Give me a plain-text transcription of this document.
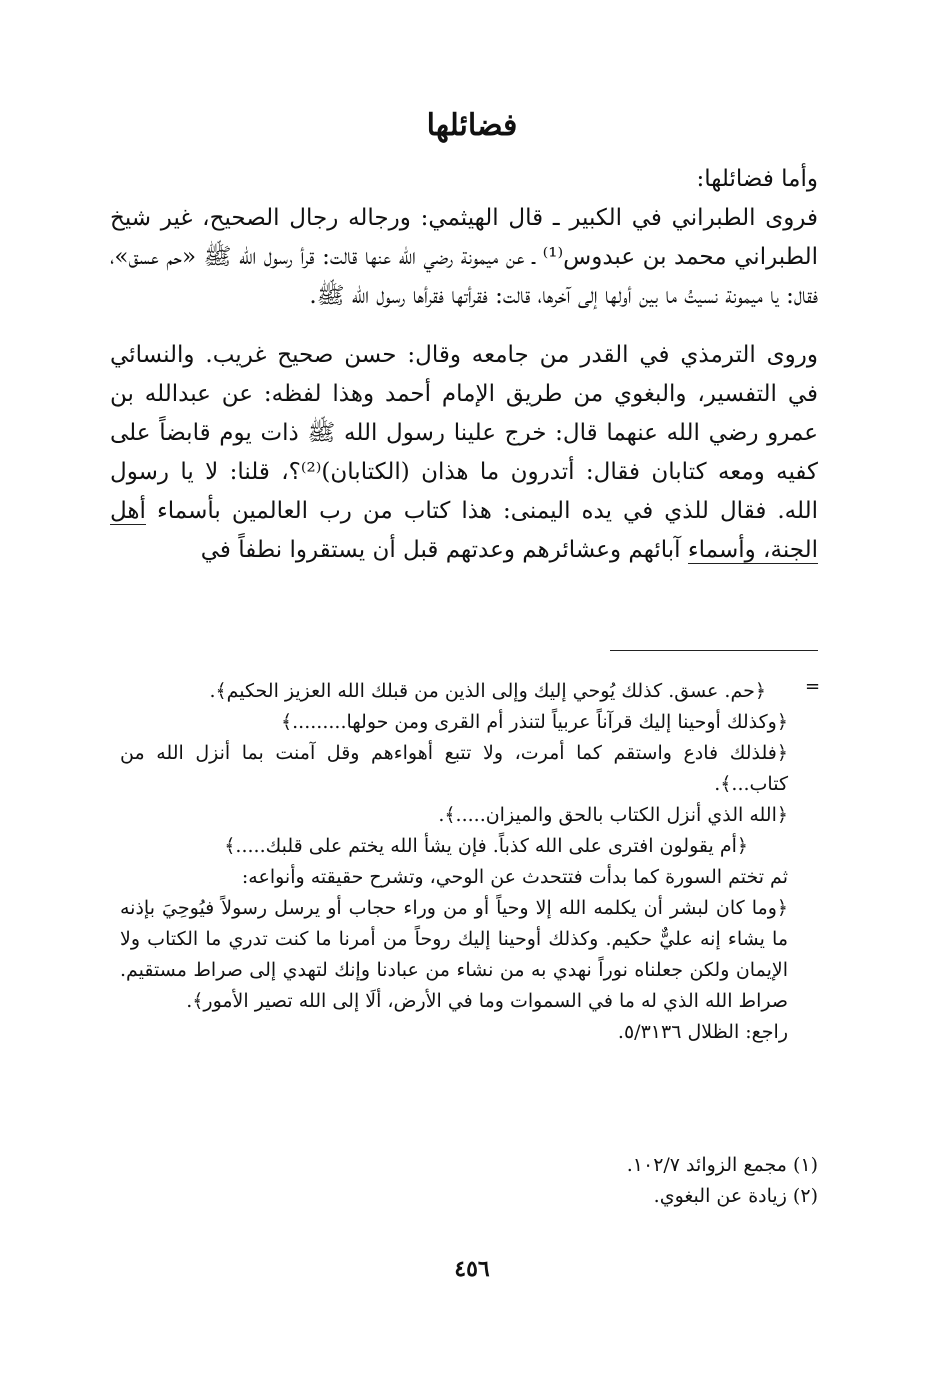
فضائلها

وأما فضائلها:

فروى الطبراني في الكبير ـ قال الهيثمي: ورجاله رجال الصحيح، غير شيخ الطبراني محمد بن عبدوس⁽¹⁾ ـ عن ميمونة رضي الله عنها قالت: قرأ رسول الله ﷺ «حم عسق»، فقال: يا ميمونة نسيتُ ما بين أولها إلى آخرها، قالت: فقرأتها فقرأها رسول الله ﷺ.

وروى الترمذي في القدر من جامعه وقال: حسن صحيح غريب. والنسائي في التفسير، والبغوي من طريق الإمام أحمد وهذا لفظه: عن عبدالله بن عمرو رضي الله عنهما قال: خرج علينا رسول الله ﷺ ذات يوم قابضاً على كفيه ومعه كتابان فقال: أتدرون ما هذان (الكتابان)⁽²⁾؟، قلنا: لا يا رسول الله. فقال للذي في يده اليمنى: هذا كتاب من رب العالمين بأسماء أهل الجنة، وأسماء آبائهم وعشائرهم وعدتهم قبل أن يستقروا نطفاً في

=

﴿حم. عسق. كذلك يُوحي إليك وإلى الذين من قبلك الله العزيز الحكيم﴾.

﴿وكذلك أوحينا إليك قرآناً عربياً لتنذر أم القرى ومن حولها.........﴾

﴿فلذلك فادع واستقم كما أمرت، ولا تتبع أهواءهم وقل آمنت بما أنزل الله من كتاب...﴾.

﴿الله الذي أنزل الكتاب بالحق والميزان.....﴾.

﴿أم يقولون افترى على الله كذباً. فإن يشأ الله يختم على قلبك.....﴾

ثم تختم السورة كما بدأت فتتحدث عن الوحي، وتشرح حقيقته وأنواعه:

﴿وما كان لبشر أن يكلمه الله إلا وحياً أو من وراء حجاب أو يرسل رسولاً فيُوحِيَ بإذنه ما يشاء إنه عليٌّ حكيم. وكذلك أوحينا إليك روحاً من أمرنا ما كنت تدري ما الكتاب ولا الإيمان ولكن جعلناه نوراً نهدي به من نشاء من عبادنا وإنك لتهدي إلى صراط مستقيم. صراط الله الذي له ما في السموات وما في الأرض، ألَا إلى الله تصير الأمور﴾.

راجع: الظلال ٥/٣١٣٦.

(١) مجمع الزوائد ١٠٢/٧.

(٢) زيادة عن البغوي.

٤٥٦
